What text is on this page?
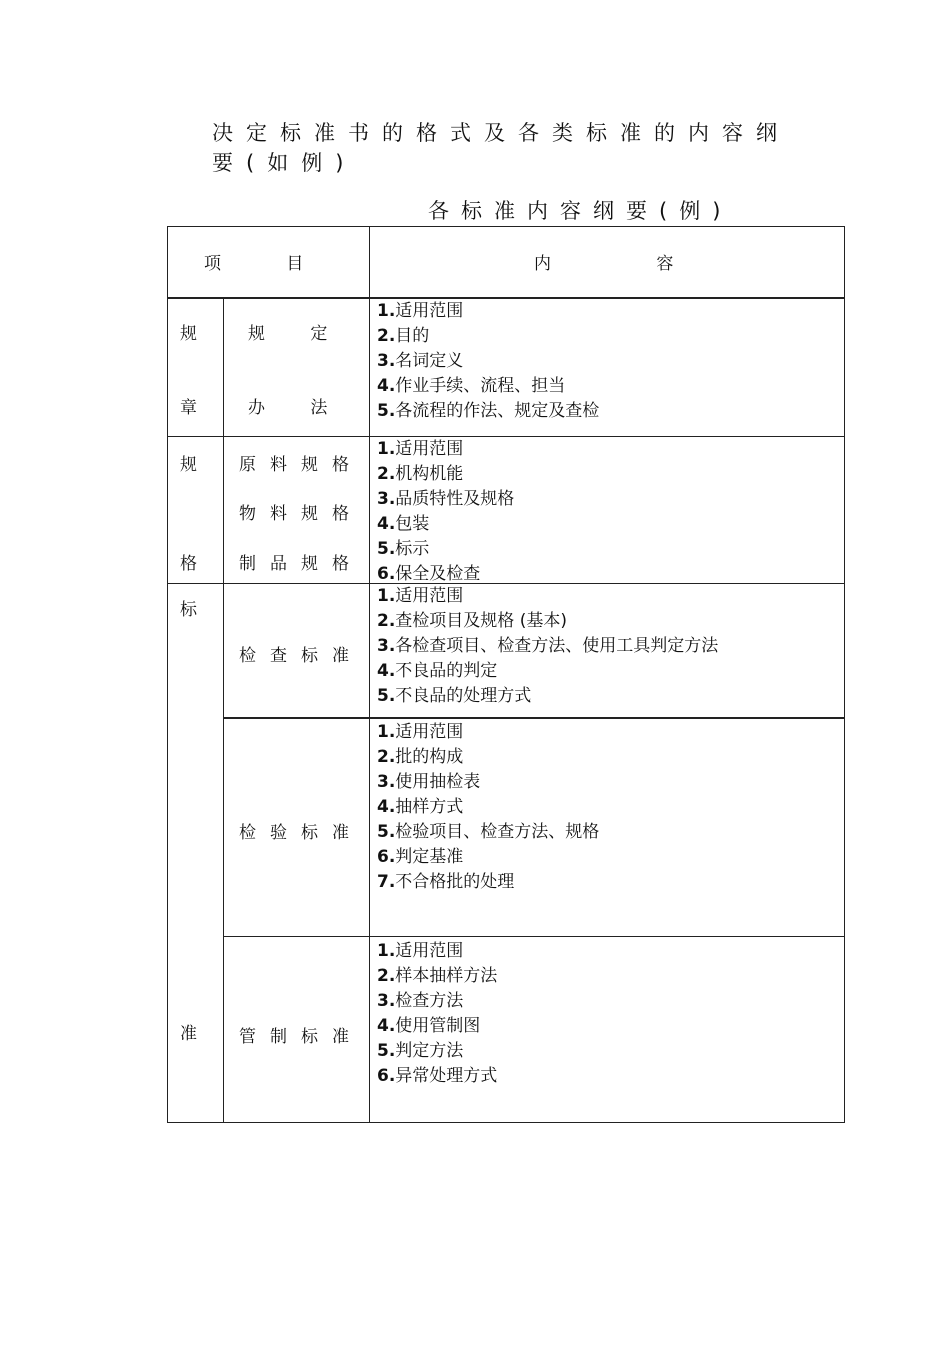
决定标准书的格式及各类标准的内容纲
要(如例)
各标准内容纲要(例)
项 目	内 容
规
章
规
格
标
准
规 定
办 法
原料规格
物料规格
制品规格
检查标准
检验标准
管制标准
1.适用范围
2.目的
3.名词定义
4.作业手续、流程、担当
5.各流程的作法、规定及查检
1.适用范围
2.机构机能
3.品质特性及规格
4.包装
5.标示
6.保全及检查
1.适用范围
2.查检项目及规格 (基本)
3.各检查项目、检查方法、使用工具判定方法
4.不良品的判定
5.不良品的处理方式
1.适用范围
2.批的构成
3.使用抽检表
4.抽样方式
5.检验项目、检查方法、规格
6.判定基准
7.不合格批的处理
1.适用范围
2.样本抽样方法
3.检查方法
4.使用管制图
5.判定方法
6.异常处理方式
